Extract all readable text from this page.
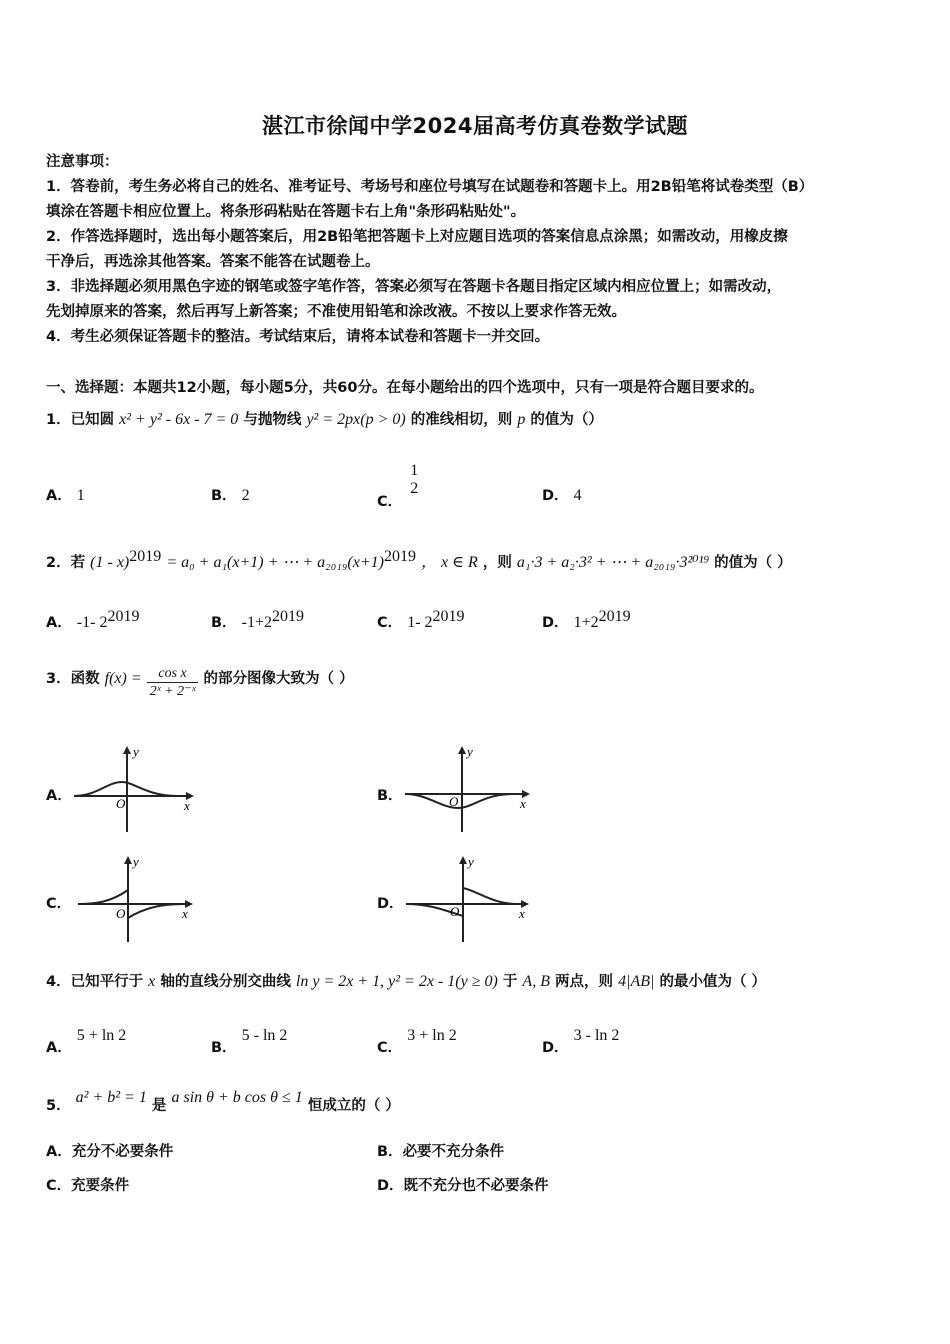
湛江市徐闻中学2024届高考仿真卷数学试题
注意事项：
1．答卷前，考生务必将自己的姓名、准考证号、考场号和座位号填写在试题卷和答题卡上。用2B铅笔将试卷类型（B）
填涂在答题卡相应位置上。将条形码粘贴在答题卡右上角"条形码粘贴处"。
2．作答选择题时，选出每小题答案后，用2B铅笔把答题卡上对应题目选项的答案信息点涂黑；如需改动，用橡皮擦
干净后，再选涂其他答案。答案不能答在试题卷上。
3．非选择题必须用黑色字迹的钢笔或签字笔作答，答案必须写在答题卡各题目指定区域内相应位置上；如需改动，
先划掉原来的答案，然后再写上新答案；不准使用铅笔和涂改液。不按以上要求作答无效。
4．考生必须保证答题卡的整洁。考试结束后，请将本试卷和答题卡一并交回。
一、选择题：本题共12小题，每小题5分，共60分。在每小题给出的四个选项中，只有一项是符合题目要求的。
1．已知圆 x² + y² - 6x - 7 = 0 与抛物线 y² = 2px(p > 0) 的准线相切，则 p 的值为（）
A． 1	B． 2	C．
1
2	D． 4
2．若 (1 - x)$^{2019}$ = a₀ + a₁(x+1) + ⋯ + $a_{2019}(x+1)^{2019}$ ， x ∈ R ，则 a₁·3 + a₂·3² + ⋯ + a₂₀₁₉·3²⁰¹⁹ 的值为（ ）
A． -1- $2^{2019}$	B． $-1+2^{2019}$	C． 1- $2^{2019}$	D． $1+2^{2019}$
3．函数 $f(x) = \frac{\text{cos x}}{\text{2ˣ + 2⁻ˣ}}$ 的部分图像大致为（ ）
A．	B．
C．	D．
y
x
O
y
x
O
y
x
O
y
x
O
4．已知平行于 x 轴的直线分别交曲线 ln y = 2x + 1, y² = 2x - 1(y ≥ 0) 于 A, B 两点，则 4|AB| 的最小值为（ ）
A． 5 + ln 2
B． 5 - ln 2
C． 3 + ln 2
D． 3 - ln 2
5． a² + b² = 1 是 a sin θ + b cos θ ≤ 1 恒成立的（ ）
A．充分不必要条件	B．必要不充分条件
C．充要条件	D．既不充分也不必要条件
